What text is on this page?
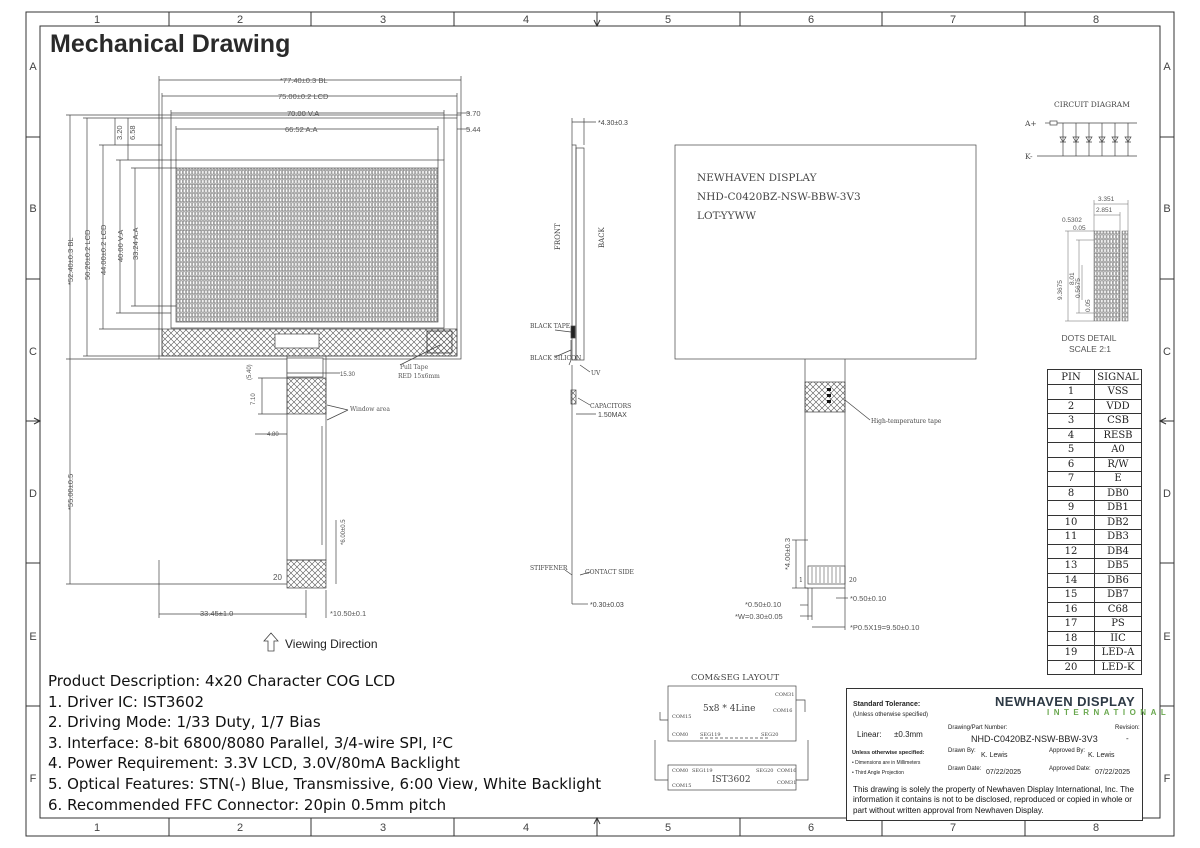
1	2	3	4	5	6	7	8
1	2	3	4	5	6	7	8
A
B
C
D
E
F
A
B
C
D
E
F
*77.40±0.3 BL
75.00±0.2 LCD
70.00 V.A
66.52 A.A
3.70
5.44
Pull Tape
RED 15x6mm
Window area
15.30
4.80
33.45±1.0	*10.50±0.1
20
3.20 6.58
*52.40±0.3 BL 50.20±0.2 LCD 44.00±0.2 LCD 40.00 V.A 33.24 A.A
*55.00±0.5
(5.40)
7.10
*6.00±0.5
*4.30±0.3
1.50MAX
*0.30±0.03
FRONT	BACK
BLACK TAPE
BLACK SILICON
UV
CAPACITORS
STIFFENER
CONTACT SIDE
NEWHAVEN DISPLAY
NHD-C0420BZ-NSW-BBW-3V3
LOT-YYWW
High-temperature tape
1	20
*4.00±0.3
*0.50±0.10
*W=0.30±0.05
*0.50±0.10
*P0.5X19=9.50±0.10
CIRCUIT DIAGRAM
A+
K-
3.351
2.851
0.5302
0.05
9.3675
8.01 0.5675
0.05
DOTS DETAIL
SCALE 2:1
COM&SEG LAYOUT
5x8 * 4Line
IST3602
COM31
COM16
COM15
COM0 SEG119	SEG20
COM0 SEG119	SEG20 COM16
COM15	COM31
Mechanical Drawing
Product Description: 4x20 Character COG LCD
1. Driver IC: IST3602
2. Driving Mode: 1/33 Duty, 1/7 Bias
3. Interface: 8-bit 6800/8080 Parallel, 3/4-wire SPI, I²C
4. Power Requirement: 3.3V LCD, 3.0V/80mA Backlight
5. Optical Features: STN(-) Blue, Transmissive, 6:00 View, White Backlight
6. Recommended FFC Connector: 20pin 0.5mm pitch
Viewing Direction
PIN	SIGNAL
1	VSS
2	VDD
3	CSB
4	RESB
5	A0
6	R/W
7	E
8	DB0
9	DB1
10	DB2
11	DB3
12	DB4
13	DB5
14	DB6
15	DB7
16	C68
17	PS
18	IIC
19	LED-A
20	LED-K
Standard Tolerance:
(Unless otherwise specified)
Linear: ±0.3mm
NEWHAVEN DISPLAY
INTERNATIONAL
Drawing/Part Number:
NHD-C0420BZ-NSW-BBW-3V3
Revision:
-
Unless otherwise specified:
• Dimensions are in Millimeters
• Third Angle Projection
Drawn By:
K. Lewis
Approved By:
K. Lewis
Drawn Date: 07/22/2025	Approved Date: 07/22/2025
This drawing is solely the property of Newhaven Display International, Inc. The information it contains is not to be disclosed, reproduced or copied in whole or part without written approval from Newhaven Display.
